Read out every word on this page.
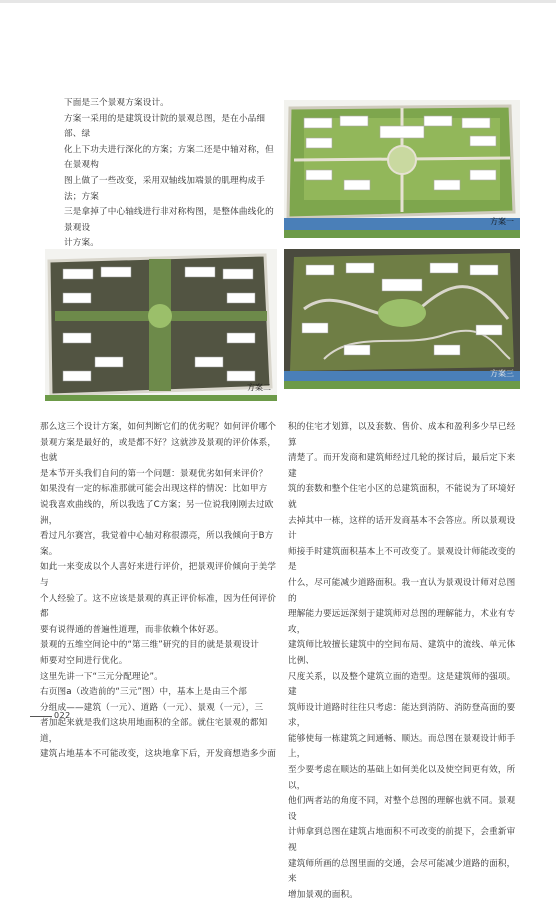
下面是三个景观方案设计。

方案一采用的是建筑设计院的景观总图，是在小品细部、绿

化上下功夫进行深化的方案；方案二还是中轴对称，但在景观构

图上做了一些改变，采用双轴线加端景的肌理构成手法；方案

三是拿掉了中心轴线进行非对称构图，是整体曲线化的景观设

计方案。

方案一
方案二
方案三

那么这三个设计方案，如何判断它们的优劣呢？如何评价哪个

景观方案是最好的，或是都不好？这就涉及景观的评价体系，也就

是本节开头我们自问的第一个问题：景观优劣如何来评价？

如果没有一定的标准那就可能会出现这样的情况：比如甲方

说我喜欢曲线的，所以我选了C方案；另一位说我刚刚去过欧洲，

看过凡尔赛宫，我觉着中心轴对称很漂亮，所以我倾向于B方案。

如此一来变成以个人喜好来进行评价，把景观评价倾向于美学与

个人经验了。这不应该是景观的真正评价标准，因为任何评价都

要有说得通的普遍性道理，而非依赖个体好恶。

景观的五维空间论中的“第三维”研究的目的就是景观设计

师要对空间进行优化。

这里先讲一下“三元分配理论”。

右页图a（改造前的“三元”图）中，基本上是由三个部

分组成——建筑（一元）、道路（一元）、景观（一元），三

者加起来就是我们这块用地面积的全部。就住宅景观的都知道，

建筑占地基本不可能改变，这块地拿下后，开发商想造多少面

积的住宅才划算，以及套数、售价、成本和盈利多少早已经算

清楚了。而开发商和建筑师经过几轮的探讨后，最后定下来建

筑的套数和整个住宅小区的总建筑面积，不能说为了环境好就

去掉其中一栋，这样的话开发商基本不会答应。所以景观设计

师接手时建筑面积基本上不可改变了。景观设计师能改变的是

什么，尽可能减少道路面积。我一直认为景观设计师对总图的

理解能力要远远深刻于建筑师对总图的理解能力，术业有专攻，

建筑师比较擅长建筑中的空间布局、建筑中的流线、单元体比例、

尺度关系，以及整个建筑立面的造型。这是建筑师的强项。建

筑师设计道路时往往只考虑：能达到消防、消防登高面的要求，

能够使每一栋建筑之间通畅、顺达。而总图在景观设计师手上，

至少要考虑在顺达的基础上如何美化以及使空间更有效，所以，

他们两者站的角度不同，对整个总图的理解也就不同。景观设

计师拿到总图在建筑占地面积不可改变的前提下，会重新审视

建筑师所画的总图里面的交通，会尽可能减少道路的面积，来

增加景观的面积。

022
